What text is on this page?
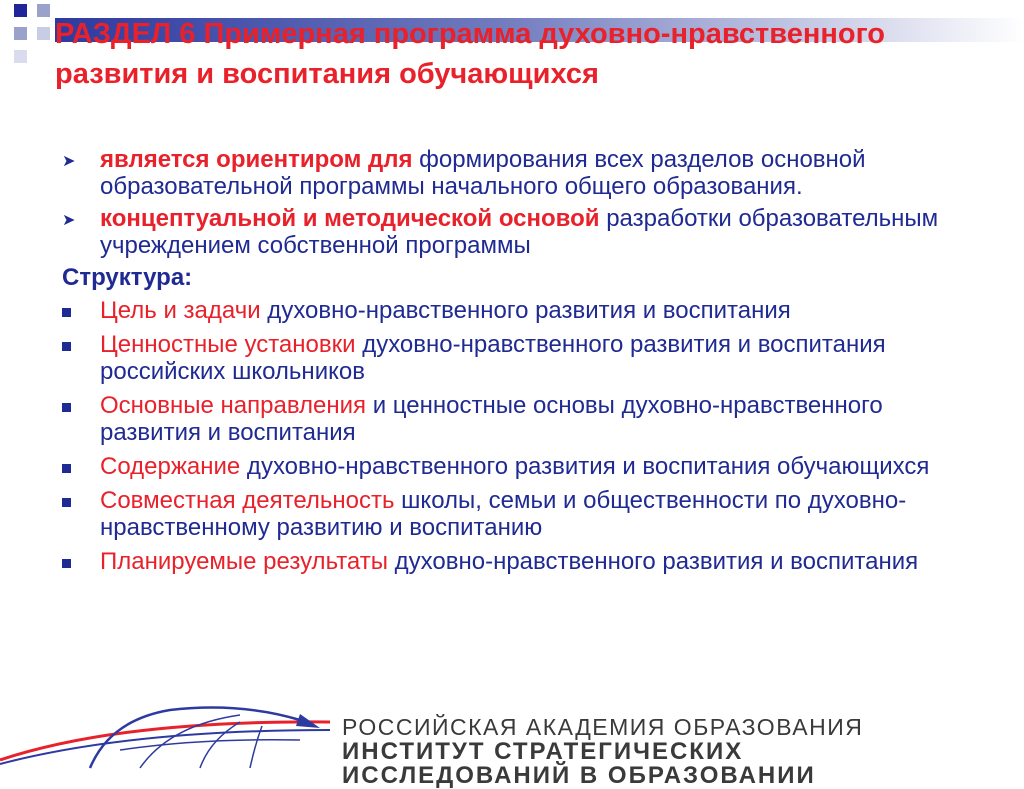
РАЗДЕЛ 6 Примерная программа духовно-нравственного развития и воспитания обучающихся
➤ является ориентиром для формирования всех разделов основной образовательной программы начального общего образования.
➤ концептуальной и методической основой разработки образовательным учреждением собственной программы
Структура:
Цель и задачи духовно-нравственного развития и воспитания
Ценностные установки духовно-нравственного развития и воспитания российских школьников
Основные направления и ценностные основы духовно-нравственного развития и воспитания
Содержание духовно-нравственного развития и воспитания обучающихся
Совместная деятельность школы, семьи и общественности по духовно-нравственному развитию и воспитанию
Планируемые результаты духовно-нравственного развития и воспитания
РОССИЙСКАЯ АКАДЕМИЯ ОБРАЗОВАНИЯ
ИНСТИТУТ СТРАТЕГИЧЕСКИХ
ИССЛЕДОВАНИЙ В ОБРАЗОВАНИИ
